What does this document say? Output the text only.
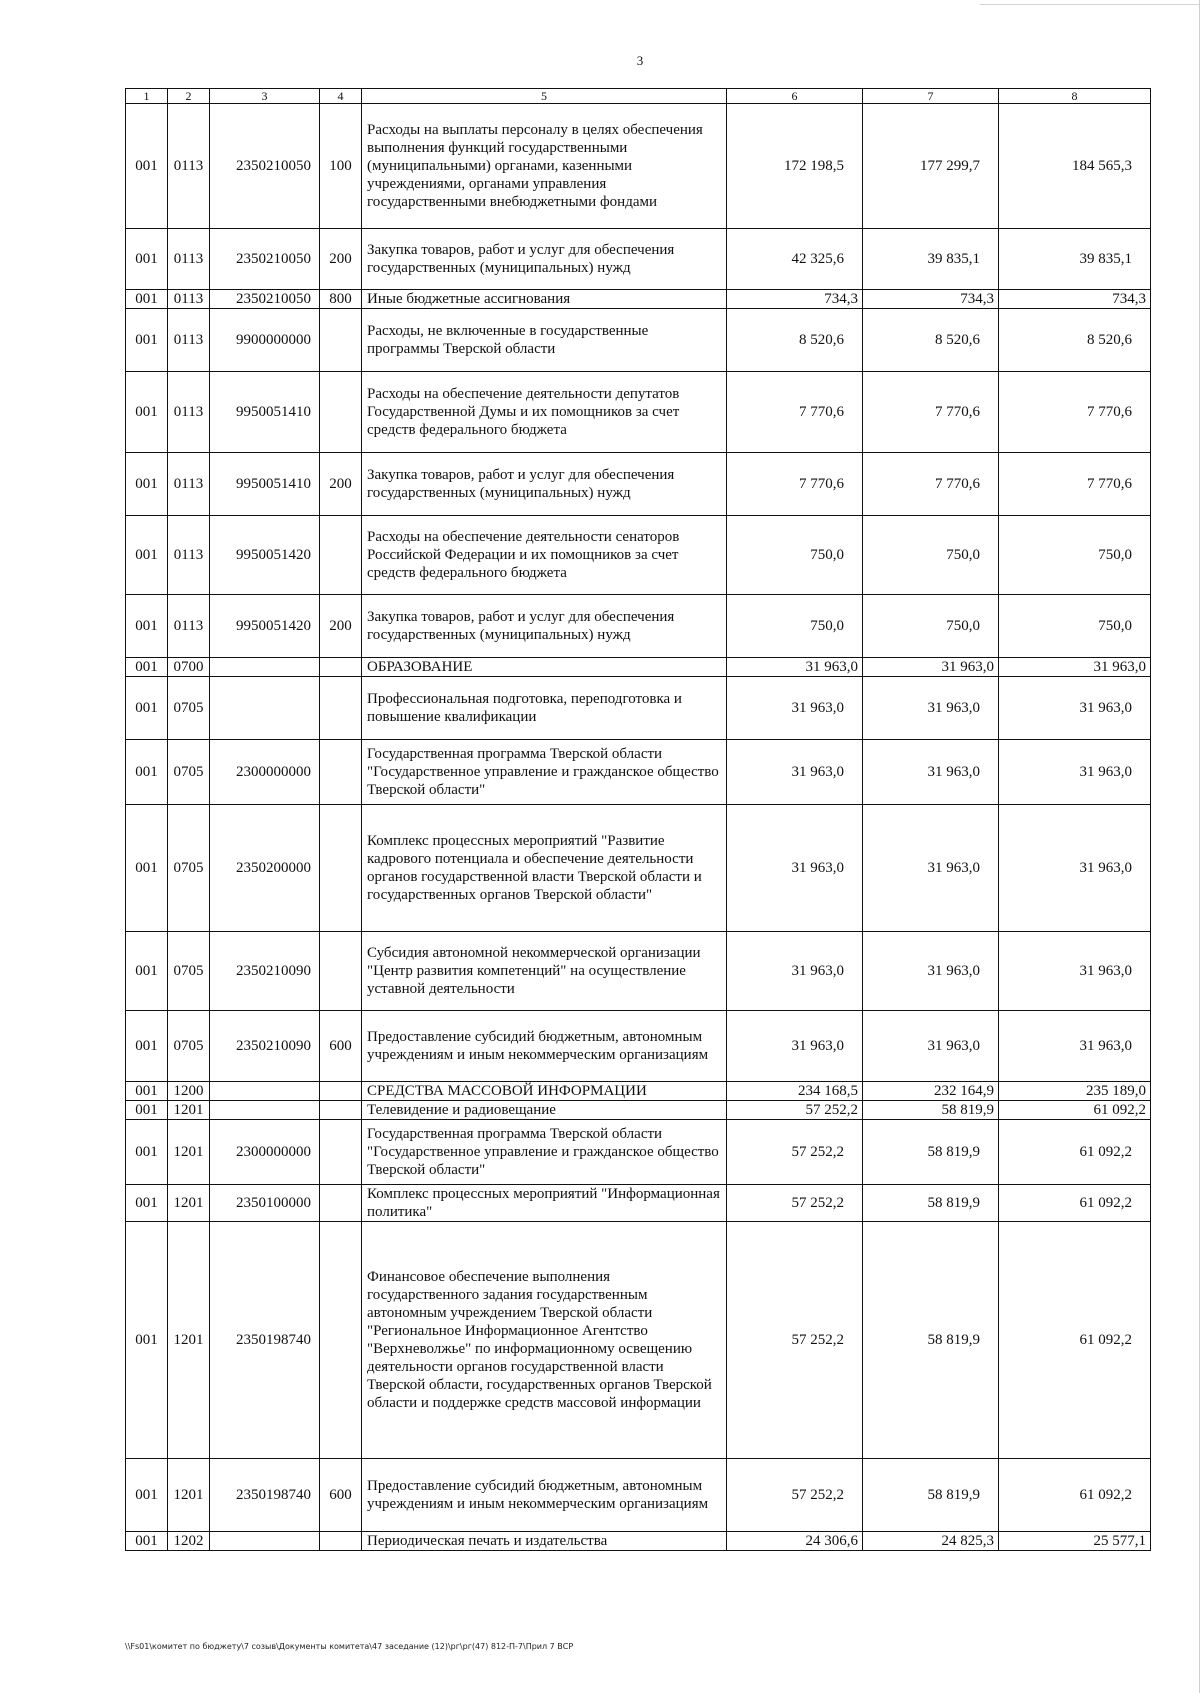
3
1	2	3	4	5	6	7	8
001	0113	2350210050	100	Расходы на выплаты персоналу в целях обеспечения выполнения функций государственными (муниципальными) органами, казенными учреждениями, органами управления государственными внебюджетными фондами	172 198,5	177 299,7	184 565,3
001	0113	2350210050	200	Закупка товаров, работ и услуг для обеспечения государственных (муниципальных) нужд	42 325,6	39 835,1	39 835,1
001	0113	2350210050	800	Иные бюджетные ассигнования	734,3	734,3	734,3
001	0113	9900000000		Расходы, не включенные в государственные программы Тверской области	8 520,6	8 520,6	8 520,6
001	0113	9950051410		Расходы на обеспечение деятельности депутатов Государственной Думы и их помощников за счет средств федерального бюджета	7 770,6	7 770,6	7 770,6
001	0113	9950051410	200	Закупка товаров, работ и услуг для обеспечения государственных (муниципальных) нужд	7 770,6	7 770,6	7 770,6
001	0113	9950051420		Расходы на обеспечение деятельности сенаторов Российской Федерации и их помощников за счет средств федерального бюджета	750,0	750,0	750,0
001	0113	9950051420	200	Закупка товаров, работ и услуг для обеспечения государственных (муниципальных) нужд	750,0	750,0	750,0
001	0700			ОБРАЗОВАНИЕ	31 963,0	31 963,0	31 963,0
001	0705			Профессиональная подготовка, переподготовка и повышение квалификации	31 963,0	31 963,0	31 963,0
001	0705	2300000000		Государственная программа Тверской области "Государственное управление и гражданское общество Тверской области"	31 963,0	31 963,0	31 963,0
001	0705	2350200000		Комплекс процессных мероприятий "Развитие кадрового потенциала и обеспечение деятельности органов государственной власти Тверской области и государственных органов Тверской области"	31 963,0	31 963,0	31 963,0
001	0705	2350210090		Субсидия автономной некоммерческой организации "Центр развития компетенций" на осуществление уставной деятельности	31 963,0	31 963,0	31 963,0
001	0705	2350210090	600	Предоставление субсидий бюджетным, автономным учреждениям и иным некоммерческим организациям	31 963,0	31 963,0	31 963,0
001	1200			СРЕДСТВА МАССОВОЙ ИНФОРМАЦИИ	234 168,5	232 164,9	235 189,0
001	1201			Телевидение и радиовещание	57 252,2	58 819,9	61 092,2
001	1201	2300000000		Государственная программа Тверской области "Государственное управление и гражданское общество Тверской области"	57 252,2	58 819,9	61 092,2
001	1201	2350100000		Комплекс процессных мероприятий "Информационная политика"	57 252,2	58 819,9	61 092,2
001	1201	2350198740		Финансовое обеспечение выполнения государственного задания государственным автономным учреждением Тверской области "Региональное Информационное Агентство "Верхневолжье" по информационному освещению деятельности органов государственной власти Тверской области, государственных органов Тверской области и поддержке средств массовой информации	57 252,2	58 819,9	61 092,2
001	1201	2350198740	600	Предоставление субсидий бюджетным, автономным учреждениям и иным некоммерческим организациям	57 252,2	58 819,9	61 092,2
001	1202			Периодическая печать и издательства	24 306,6	24 825,3	25 577,1
\\Fs01\комитет по бюджету\7 созыв\Документы комитета\47 заседание (12)\рг\рг(47) 812-П-7\Прил 7 ВСР
